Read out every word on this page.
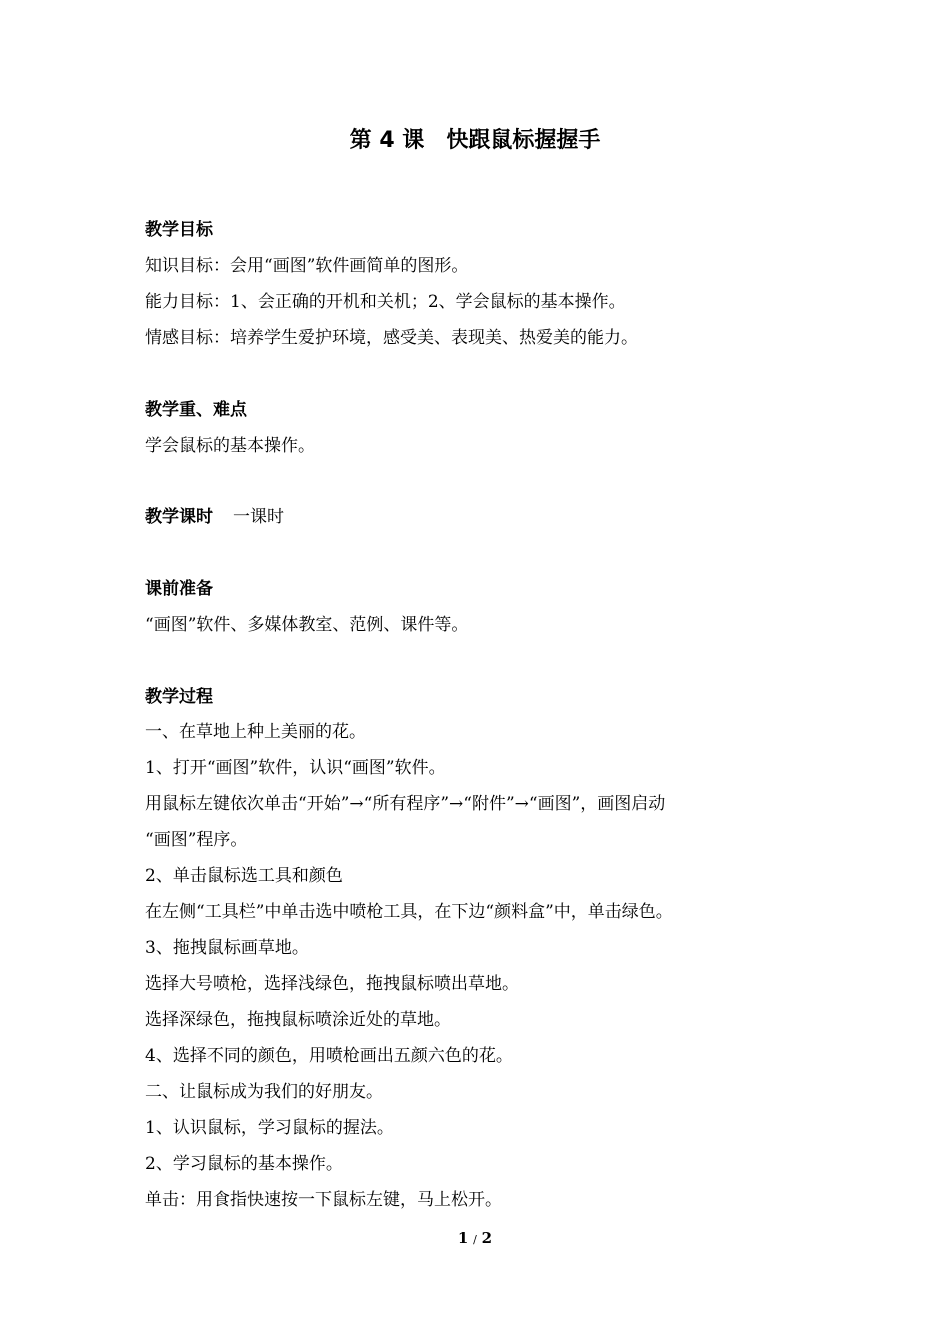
第 4 课 快跟鼠标握握手
教学目标
知识目标：会用“画图”软件画简单的图形。
能力目标：1、会正确的开机和关机；2、学会鼠标的基本操作。
情感目标：培养学生爱护环境，感受美、表现美、热爱美的能力。
教学重、难点
学会鼠标的基本操作。
教学课时 一课时
课前准备
“画图”软件、多媒体教室、范例、课件等。
教学过程
一、在草地上种上美丽的花。
1、打开“画图”软件，认识“画图”软件。
用鼠标左键依次单击“开始”→“所有程序”→“附件”→“画图”，画图启动
“画图”程序。
2、单击鼠标选工具和颜色
在左侧“工具栏”中单击选中喷枪工具，在下边“颜料盒”中，单击绿色。
3、拖拽鼠标画草地。
选择大号喷枪，选择浅绿色，拖拽鼠标喷出草地。
选择深绿色，拖拽鼠标喷涂近处的草地。
4、选择不同的颜色，用喷枪画出五颜六色的花。
二、让鼠标成为我们的好朋友。
1、认识鼠标，学习鼠标的握法。
2、学习鼠标的基本操作。
单击：用食指快速按一下鼠标左键，马上松开。
1 / 2
